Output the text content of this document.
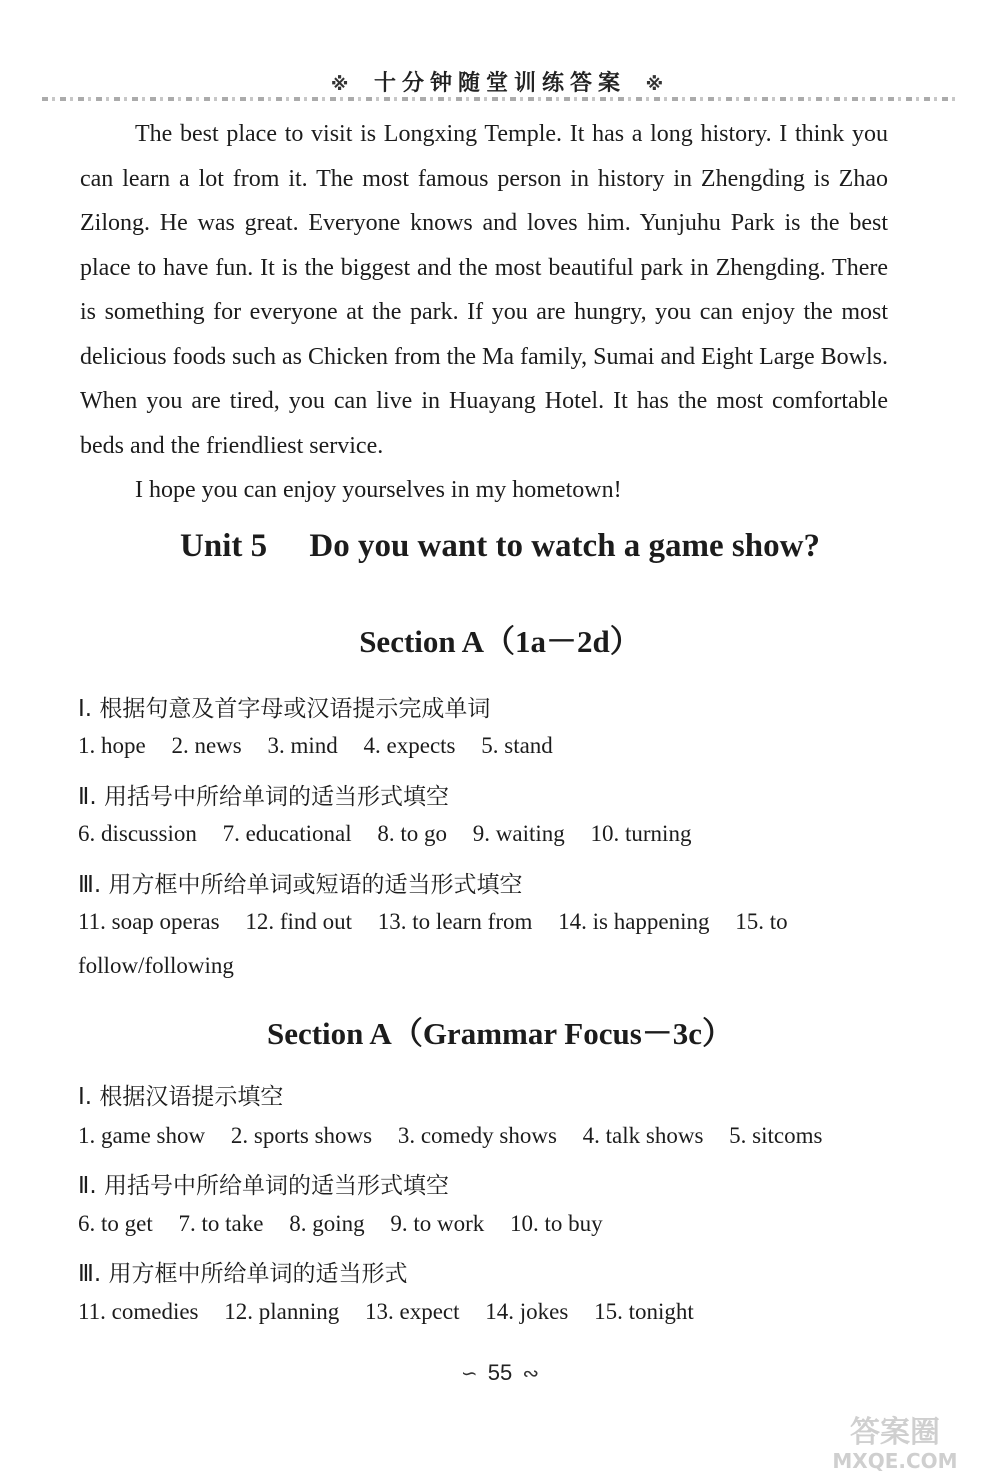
※ 十分钟随堂训练答案 ※

The best place to visit is Longxing Temple. It has a long history. I think you can learn a lot from it. The most famous person in history in Zhengding is Zhao Zilong. He was great. Everyone knows and loves him. Yunjuhu Park is the best place to have fun. It is the biggest and the most beautiful park in Zhengding. There is something for everyone at the park. If you are hungry, you can enjoy the most delicious foods such as Chicken from the Ma family, Sumai and Eight Large Bowls. When you are tired, you can live in Huayang Hotel. It has the most comfortable beds and the friendliest service.

I hope you can enjoy yourselves in my hometown!

Unit 5 Do you want to watch a game show?
Section A（1a－2d）
Ⅰ. 根据句意及首字母或汉语提示完成单词
1. hope 2. news 3. mind 4. expects 5. stand
Ⅱ. 用括号中所给单词的适当形式填空
6. discussion 7. educational 8. to go 9. waiting 10. turning
Ⅲ. 用方框中所给单词或短语的适当形式填空
11. soap operas 12. find out 13. to learn from 14. is happening 15. to follow/following
Section A（Grammar Focus－3c）
Ⅰ. 根据汉语提示填空
1. game show 2. sports shows 3. comedy shows 4. talk shows 5. sitcoms
Ⅱ. 用括号中所给单词的适当形式填空
6. to get 7. to take 8. going 9. to work 10. to buy
Ⅲ. 用方框中所给单词的适当形式
11. comedies 12. planning 13. expect 14. jokes 15. tonight
∽ 55 ∾
答案圈
MXQE.COM
